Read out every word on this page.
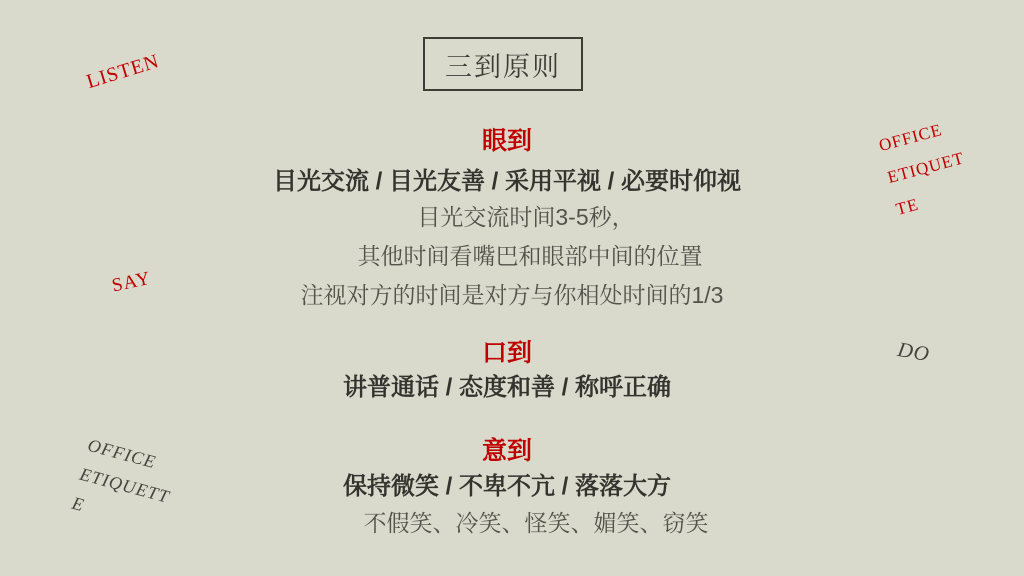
三到原则
LISTEN
OFFICE ETIQUETTE
SAY
DO
OFFICE ETIQUETTE
眼到
目光交流 / 目光友善 / 采用平视 / 必要时仰视
目光交流时间3-5秒，
其他时间看嘴巴和眼部中间的位置
注视对方的时间是对方与你相处时间的1/3
口到
讲普通话 / 态度和善 / 称呼正确
意到
保持微笑 / 不卑不亢 / 落落大方
不假笑、冷笑、怪笑、媚笑、窃笑
